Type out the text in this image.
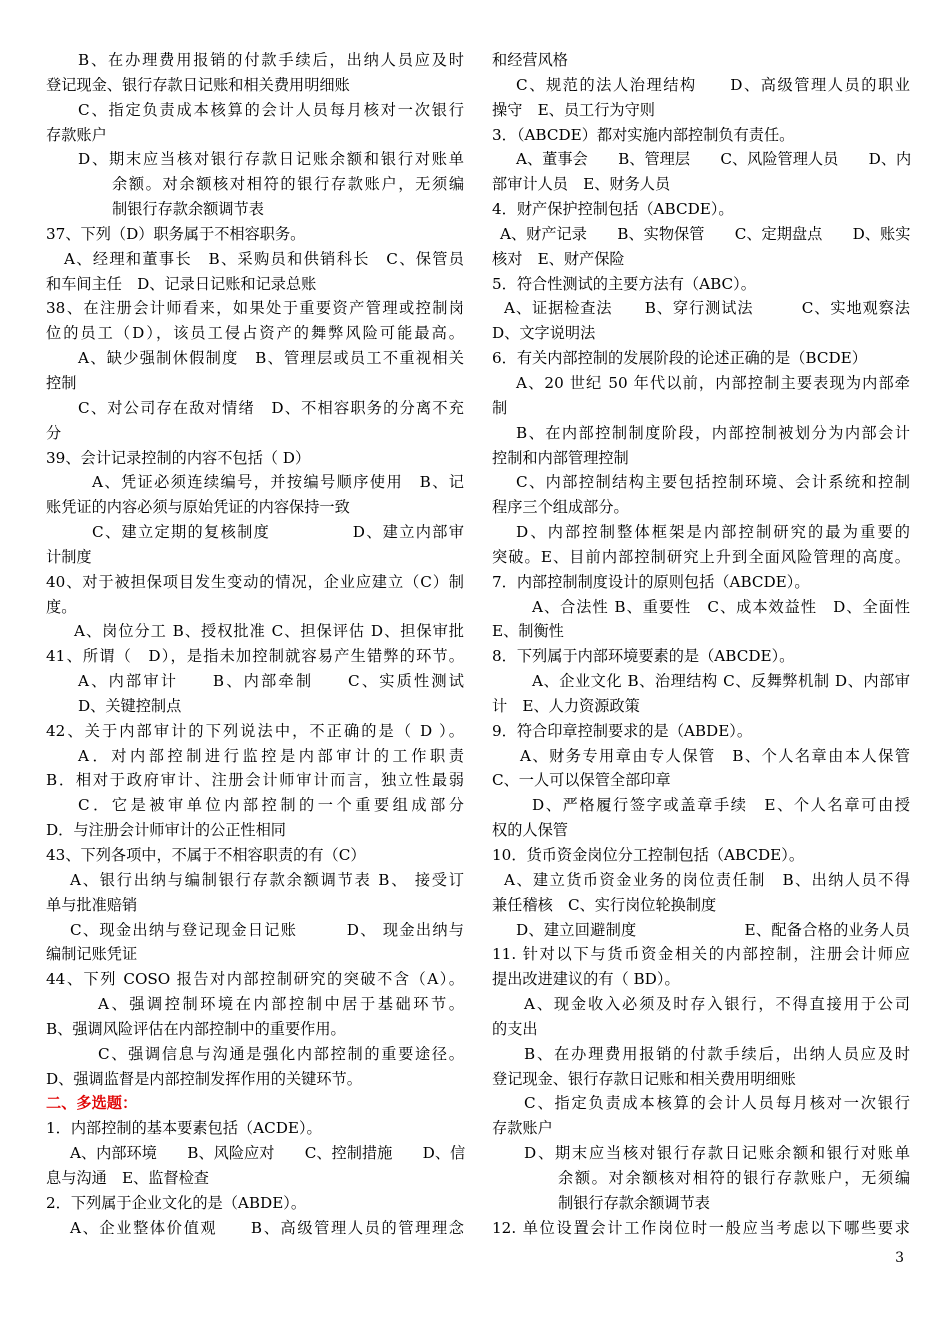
B、在办理费用报销的付款手续后，出纳人员应及时
登记现金、银行存款日记账和相关费用明细账
C、指定负责成本核算的会计人员每月核对一次银行
存款账户
D、期末应当核对银行存款日记账余额和银行对账单
余额。对余额核对相符的银行存款账户，无须编
制银行存款余额调节表
37、下列（D）职务属于不相容职务。
A、经理和董事长　B、采购员和供销科长　C、保管员
和车间主任　D、记录日记账和记录总账
38、在注册会计师看来，如果处于重要资产管理或控制岗
位的员工（D），该员工侵占资产的舞弊风险可能最高。
A、缺少强制休假制度　B、管理层或员工不重视相关
控制
C、对公司存在敌对情绪　D、不相容职务的分离不充
分
39、会计记录控制的内容不包括（ D）
A、凭证必须连续编号，并按编号顺序使用　B、记
账凭证的内容必须与原始凭证的内容保持一致
C、建立定期的复核制度　　　　　D、建立内部审
计制度
40、对于被担保项目发生变动的情况，企业应建立（C）制
度。
A、岗位分工 B、授权批准 C、担保评估 D、担保审批
41、所谓（　D），是指未加控制就容易产生错弊的环节。
A、内部审计　　B、内部牵制　　C、实质性测试
D、关键控制点
42、关于内部审计的下列说法中，不正确的是（ D ）。
A．对内部控制进行监控是内部审计的工作职责
B．相对于政府审计、注册会计师审计而言，独立性最弱
C．它是被审单位内部控制的一个重要组成部分
D．与注册会计师审计的公正性相同
43、下列各项中，不属于不相容职责的有（C）
A、银行出纳与编制银行存款余额调节表 B、 接受订
单与批准赔销
C、现金出纳与登记现金日记账　　　D、 现金出纳与
编制记账凭证
44、下列 COSO 报告对内部控制研究的突破不含（A）。
A、强调控制环境在内部控制中居于基础环节。
B、强调风险评估在内部控制中的重要作用。
C、强调信息与沟通是强化内部控制的重要途径。
D、强调监督是内部控制发挥作用的关键环节。
二、多选题：
1．内部控制的基本要素包括（ACDE）。
A、内部环境　　B、风险应对　　C、控制措施　　D、信
息与沟通　E、监督检查
2．下列属于企业文化的是（ABDE）。
A、企业整体价值观　　B、高级管理人员的管理理念
和经营风格
C、规范的法人治理结构　　D、高级管理人员的职业
操守　E、员工行为守则
3．（ABCDE）都对实施内部控制负有责任。
A、董事会　　B、管理层　　C、风险管理人员　　D、内
部审计人员　E、财务人员
4．财产保护控制包括（ABCDE）。
A、财产记录　　B、实物保管　　C、定期盘点　　D、账实
核对　E、财产保险
5．符合性测试的主要方法有（ABC）。
A、证据检查法　　B、穿行测试法　　　C、实地观察法
D、文字说明法
6．有关内部控制的发展阶段的论述正确的是（BCDE）
A、20 世纪 50 年代以前，内部控制主要表现为内部牵
制
B、在内部控制制度阶段，内部控制被划分为内部会计
控制和内部管理控制
C、内部控制结构主要包括控制环境、会计系统和控制
程序三个组成部分。
D、内部控制整体框架是内部控制研究的最为重要的
突破。E、目前内部控制研究上升到全面风险管理的高度。
7．内部控制制度设计的原则包括（ABCDE）。
A、合法性 B、重要性　C、成本效益性　D、全面性
E、制衡性
8．下列属于内部环境要素的是（ABCDE）。
A、企业文化 B、治理结构 C、反舞弊机制 D、内部审
计　E、人力资源政策
9．符合印章控制要求的是（ABDE）。
A、财务专用章由专人保管　B、个人名章由本人保管
C、一人可以保管全部印章
D、严格履行签字或盖章手续　E、个人名章可由授
权的人保管
10．货币资金岗位分工控制包括（ABCDE）。
A、建立货币资金业务的岗位责任制　B、出纳人员不得
兼任稽核　C、实行岗位轮换制度
D、建立回避制度　　　　　　　E、配备合格的业务人员
11. 针对以下与货币资金相关的内部控制，注册会计师应
提出改进建议的有（ BD）。
A、现金收入必须及时存入银行，不得直接用于公司
的支出
B、在办理费用报销的付款手续后，出纳人员应及时
登记现金、银行存款日记账和相关费用明细账
C、指定负责成本核算的会计人员每月核对一次银行
存款账户
D、期末应当核对银行存款日记账余额和银行对账单
余额。对余额核对相符的银行存款账户，无须编
制银行存款余额调节表
12. 单位设置会计工作岗位时一般应当考虑以下哪些要求
3
